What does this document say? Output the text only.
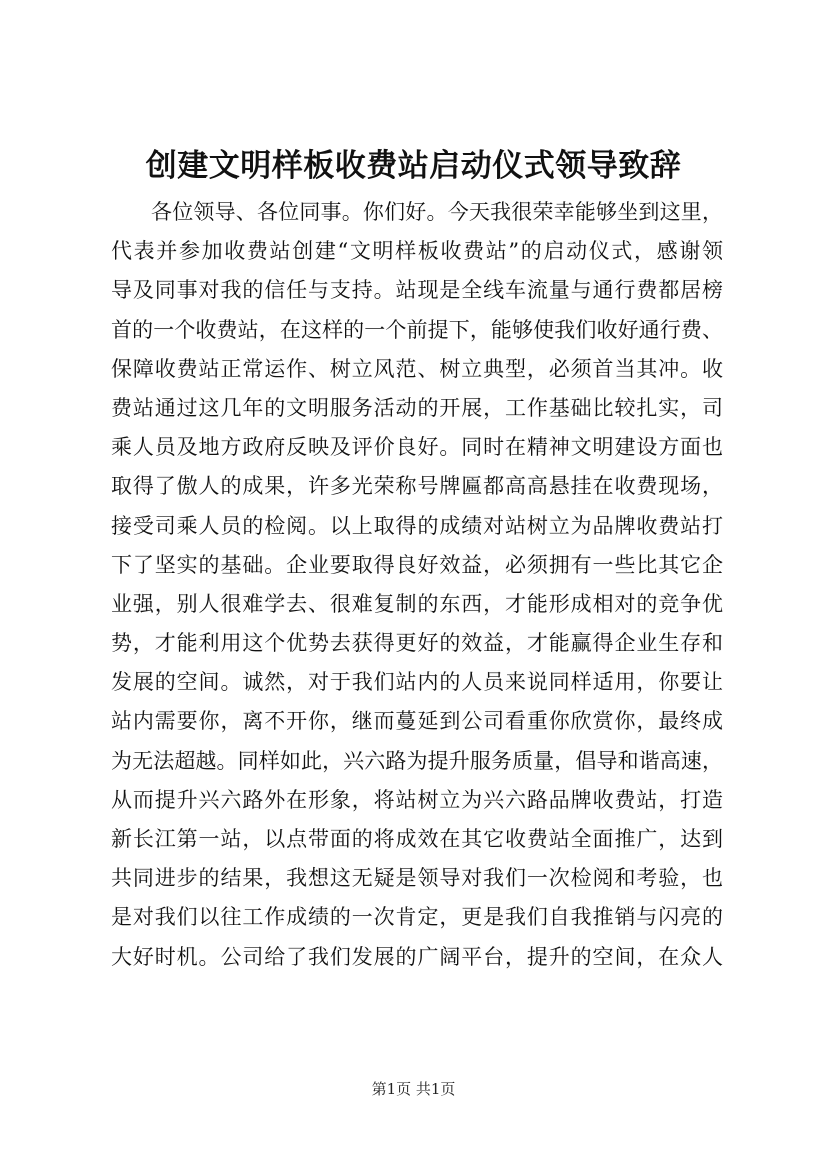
创建文明样板收费站启动仪式领导致辞
各位领导、各位同事。你们好。今天我很荣幸能够坐到这里，
代表并参加收费站创建“文明样板收费站”的启动仪式，感谢领
导及同事对我的信任与支持。站现是全线车流量与通行费都居榜
首的一个收费站，在这样的一个前提下，能够使我们收好通行费、
保障收费站正常运作、树立风范、树立典型，必须首当其冲。收
费站通过这几年的文明服务活动的开展，工作基础比较扎实，司
乘人员及地方政府反映及评价良好。同时在精神文明建设方面也
取得了傲人的成果，许多光荣称号牌匾都高高悬挂在收费现场，
接受司乘人员的检阅。以上取得的成绩对站树立为品牌收费站打
下了坚实的基础。企业要取得良好效益，必须拥有一些比其它企
业强，别人很难学去、很难复制的东西，才能形成相对的竞争优
势，才能利用这个优势去获得更好的效益，才能赢得企业生存和
发展的空间。诚然，对于我们站内的人员来说同样适用，你要让
站内需要你，离不开你，继而蔓延到公司看重你欣赏你，最终成
为无法超越。同样如此，兴六路为提升服务质量，倡导和谐高速，
从而提升兴六路外在形象，将站树立为兴六路品牌收费站，打造
新长江第一站，以点带面的将成效在其它收费站全面推广，达到
共同进步的结果，我想这无疑是领导对我们一次检阅和考验，也
是对我们以往工作成绩的一次肯定，更是我们自我推销与闪亮的
大好时机。公司给了我们发展的广阔平台，提升的空间，在众人
第1页 共1页
